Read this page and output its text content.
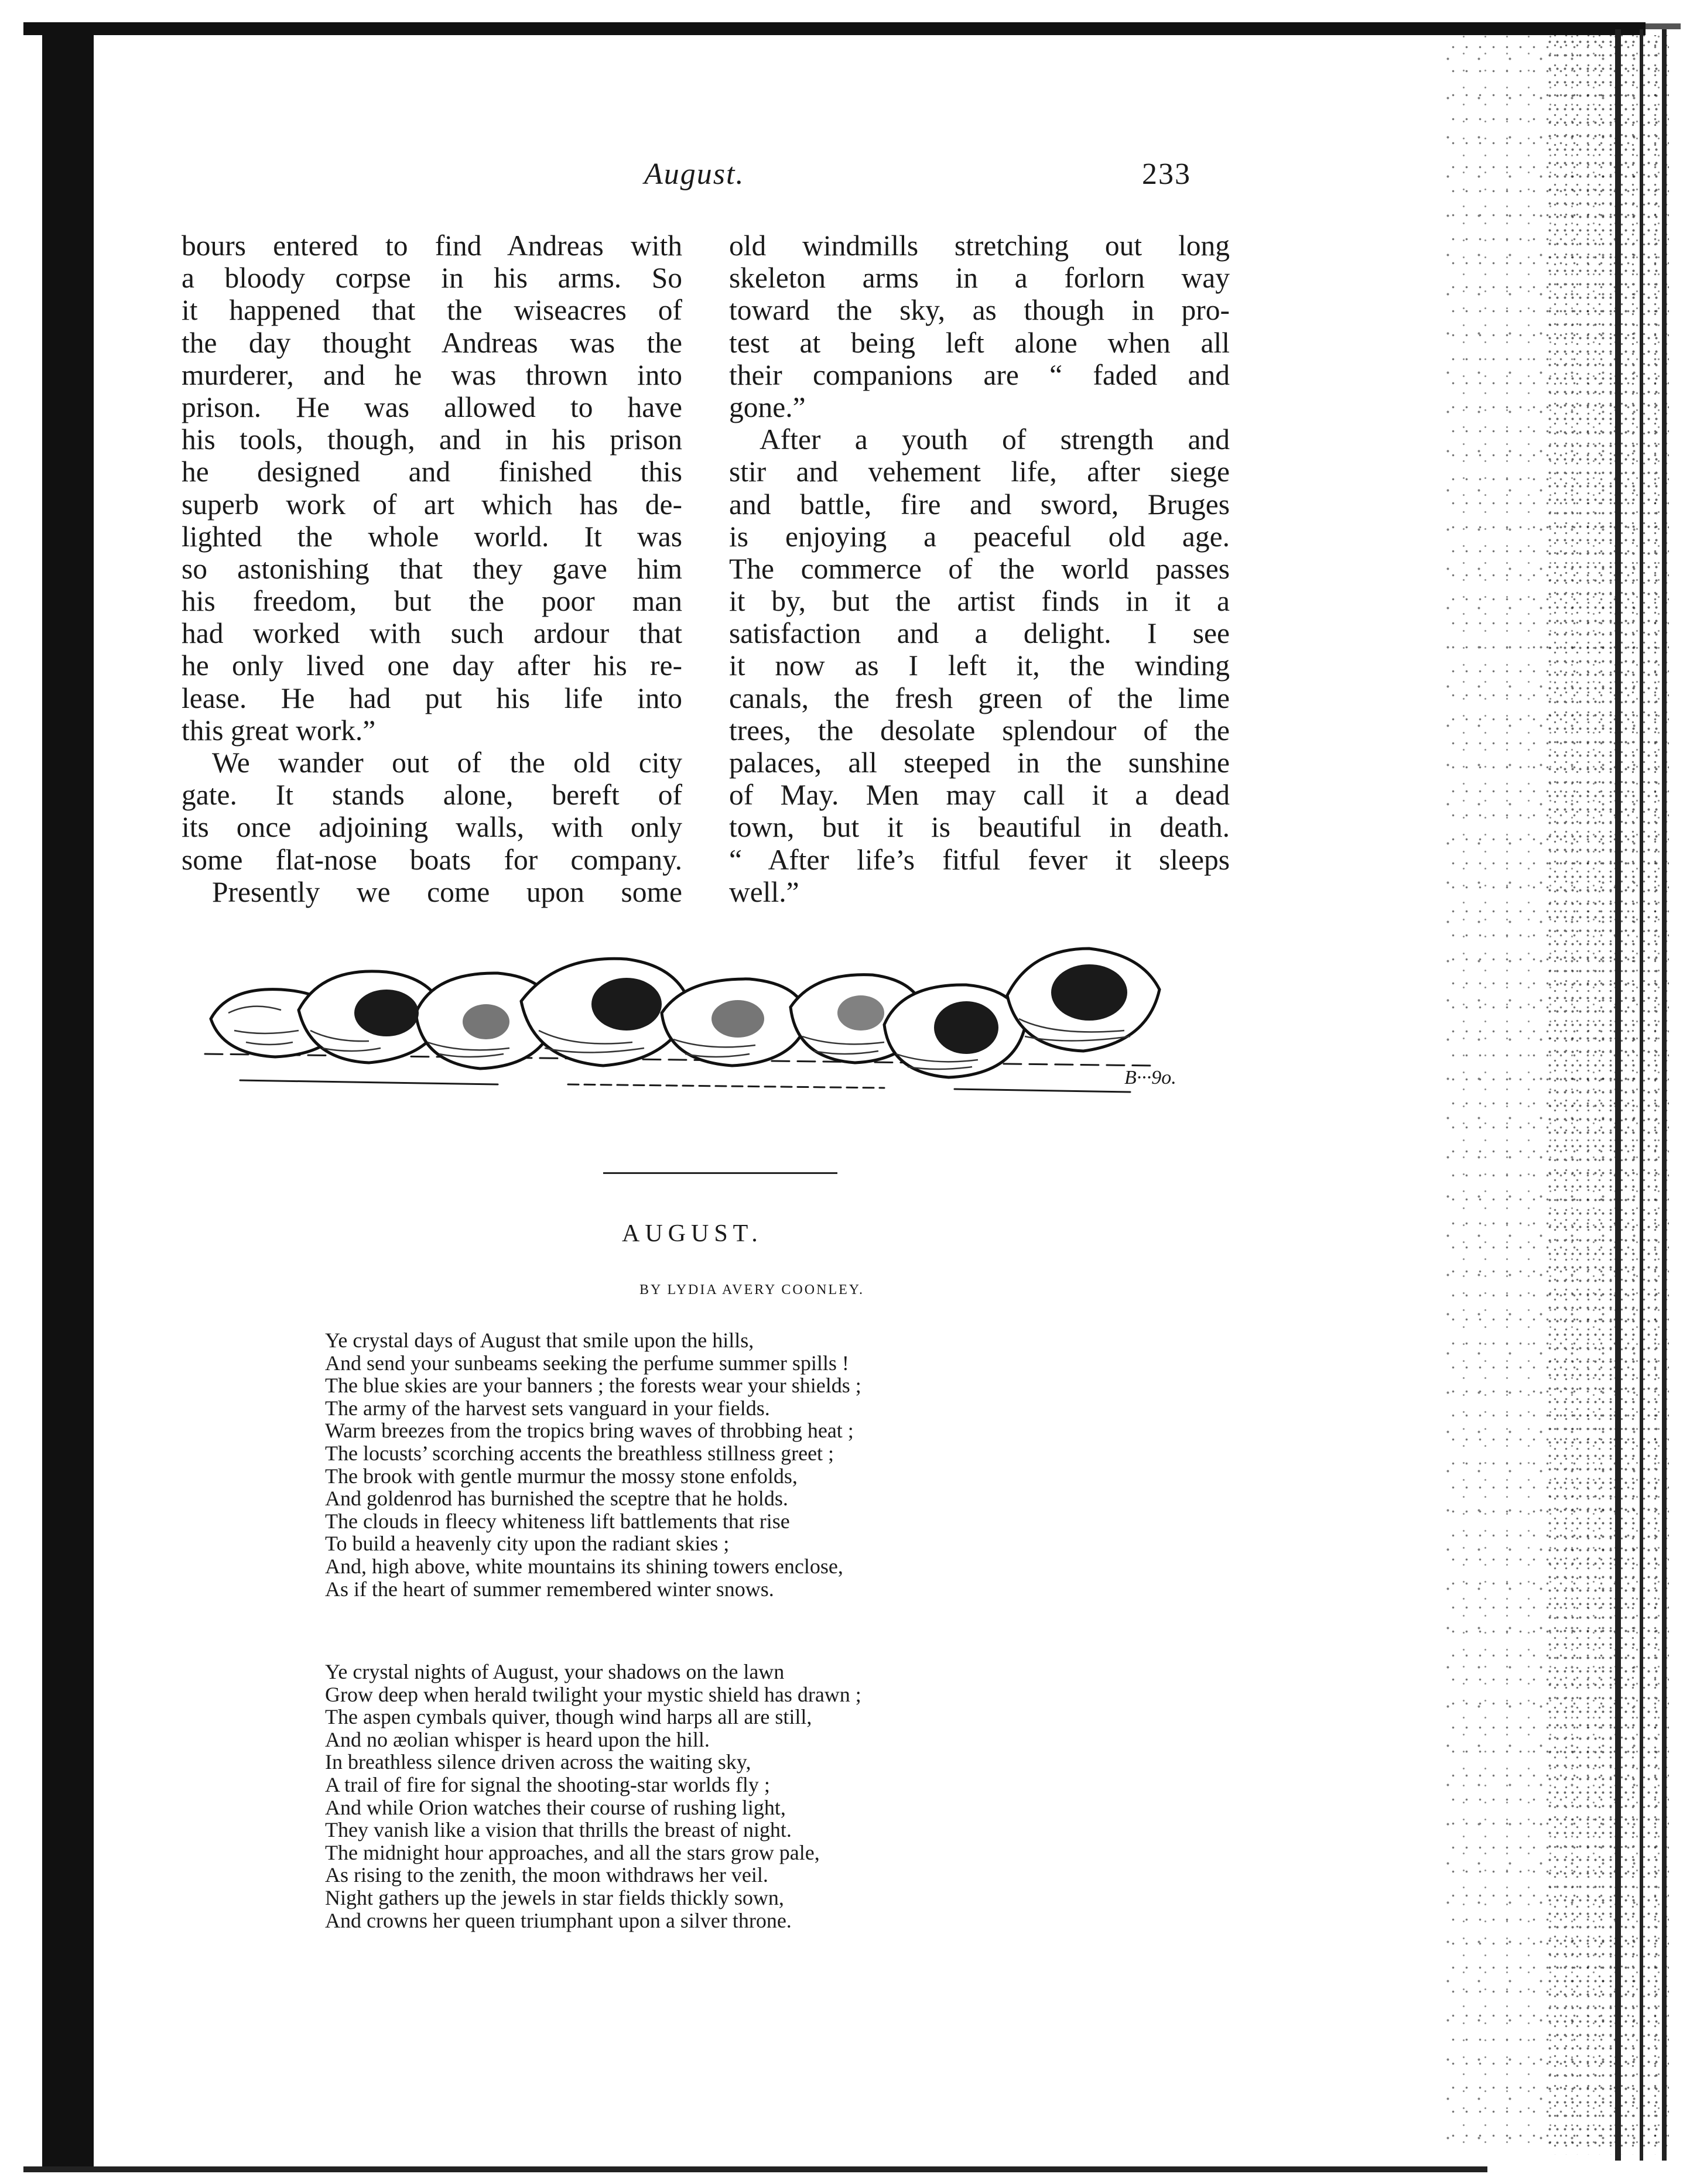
August.	233
bours entered to find Andreas with
a bloody corpse in his arms. So
it happened that the wiseacres of
the day thought Andreas was the
murderer, and he was thrown into
prison. He was allowed to have
his tools, though, and in his prison
he designed and finished this
superb work of art which has de-
lighted the whole world. It was
so astonishing that they gave him
his freedom, but the poor man
had worked with such ardour that
he only lived one day after his re-
lease. He had put his life into
this great work.”
We wander out of the old city
gate. It stands alone, bereft of
its once adjoining walls, with only
some flat-nose boats for company.
Presently we come upon some
old windmills stretching out long
skeleton arms in a forlorn way
toward the sky, as though in pro-
test at being left alone when all
their companions are “ faded and
gone.”
After a youth of strength and
stir and vehement life, after siege
and battle, fire and sword, Bruges
is enjoying a peaceful old age.
The commerce of the world passes
it by, but the artist finds in it a
satisfaction and a delight. I see
it now as I left it, the winding
canals, the fresh green of the lime
trees, the desolate splendour of the
palaces, all steeped in the sunshine
of May. Men may call it a dead
town, but it is beautiful in death.
“ After life’s fitful fever it sleeps
well.”
B···9o.
AUGUST.
BY LYDIA AVERY COONLEY.
Ye crystal days of August that smile upon the hills,
And send your sunbeams seeking the perfume summer spills !
The blue skies are your banners ; the forests wear your shields ;
The army of the harvest sets vanguard in your fields.
Warm breezes from the tropics bring waves of throbbing heat ;
The locusts’ scorching accents the breathless stillness greet ;
The brook with gentle murmur the mossy stone enfolds,
And goldenrod has burnished the sceptre that he holds.
The clouds in fleecy whiteness lift battlements that rise
To build a heavenly city upon the radiant skies ;
And, high above, white mountains its shining towers enclose,
As if the heart of summer remembered winter snows.
Ye crystal nights of August, your shadows on the lawn
Grow deep when herald twilight your mystic shield has drawn ;
The aspen cymbals quiver, though wind harps all are still,
And no æolian whisper is heard upon the hill.
In breathless silence driven across the waiting sky,
A trail of fire for signal the shooting-star worlds fly ;
And while Orion watches their course of rushing light,
They vanish like a vision that thrills the breast of night.
The midnight hour approaches, and all the stars grow pale,
As rising to the zenith, the moon withdraws her veil.
Night gathers up the jewels in star fields thickly sown,
And crowns her queen triumphant upon a silver throne.
